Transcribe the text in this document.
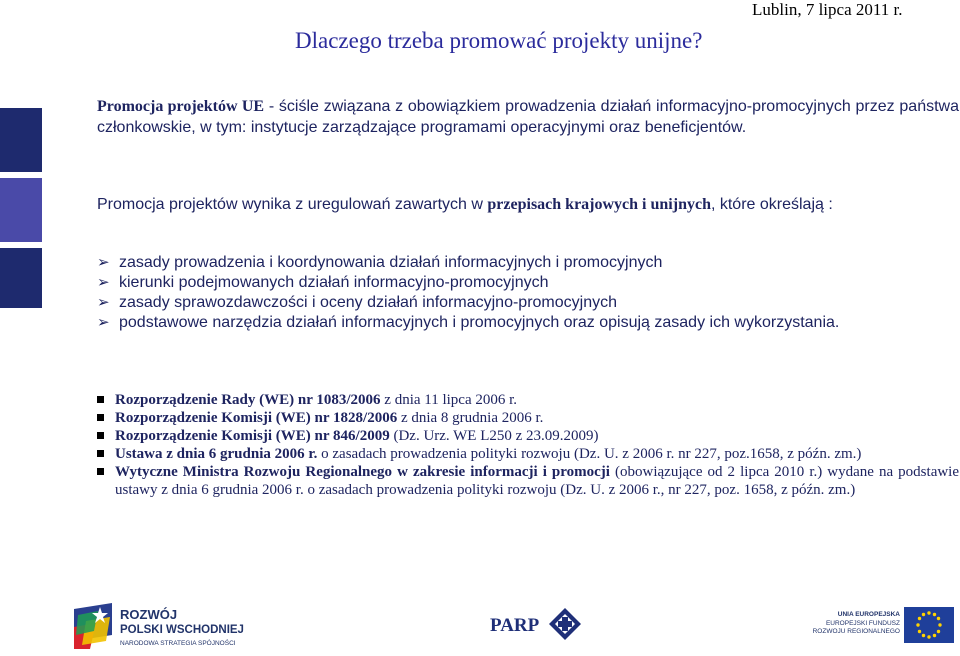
Lublin, 7 lipca 2011 r.
Dlaczego trzeba promować projekty unijne?
Promocja projektów UE - ściśle związana z obowiązkiem prowadzenia działań informacyjno-promocyjnych przez państwa członkowskie, w tym: instytucje zarządzające programami operacyjnymi oraz beneficjentów.
Promocja projektów wynika z uregulowań zawartych w przepisach krajowych i unijnych, które określają :
➢ zasady prowadzenia i koordynowania działań informacyjnych i promocyjnych
➢ kierunki podejmowanych działań informacyjno-promocyjnych
➢ zasady sprawozdawczości i oceny działań informacyjno-promocyjnych
➢ podstawowe narzędzia działań informacyjnych i promocyjnych oraz opisują zasady ich wykorzystania.
Rozporządzenie Rady (WE) nr 1083/2006 z dnia 11 lipca 2006 r.
Rozporządzenie Komisji (WE) nr 1828/2006 z dnia 8 grudnia 2006 r.
Rozporządzenie Komisji (WE) nr 846/2009 (Dz. Urz. WE L250 z 23.09.2009)
Ustawa z dnia 6 grudnia 2006 r. o zasadach prowadzenia polityki rozwoju (Dz. U. z 2006 r. nr 227, poz.1658, z późn. zm.)
Wytyczne Ministra Rozwoju Regionalnego w zakresie informacji i promocji (obowiązujące od 2 lipca 2010 r.) wydane na podstawie ustawy z dnia 6 grudnia 2006 r. o zasadach prowadzenia polityki rozwoju (Dz. U. z 2006 r., nr 227, poz. 1658, z późn. zm.)
ROZWÓJ
POLSKI WSCHODNIEJ
NARODOWA STRATEGIA SPÓJNOŚCI
PARP
UNIA EUROPEJSKA
EUROPEJSKI FUNDUSZ
ROZWOJU REGIONALNEGO
